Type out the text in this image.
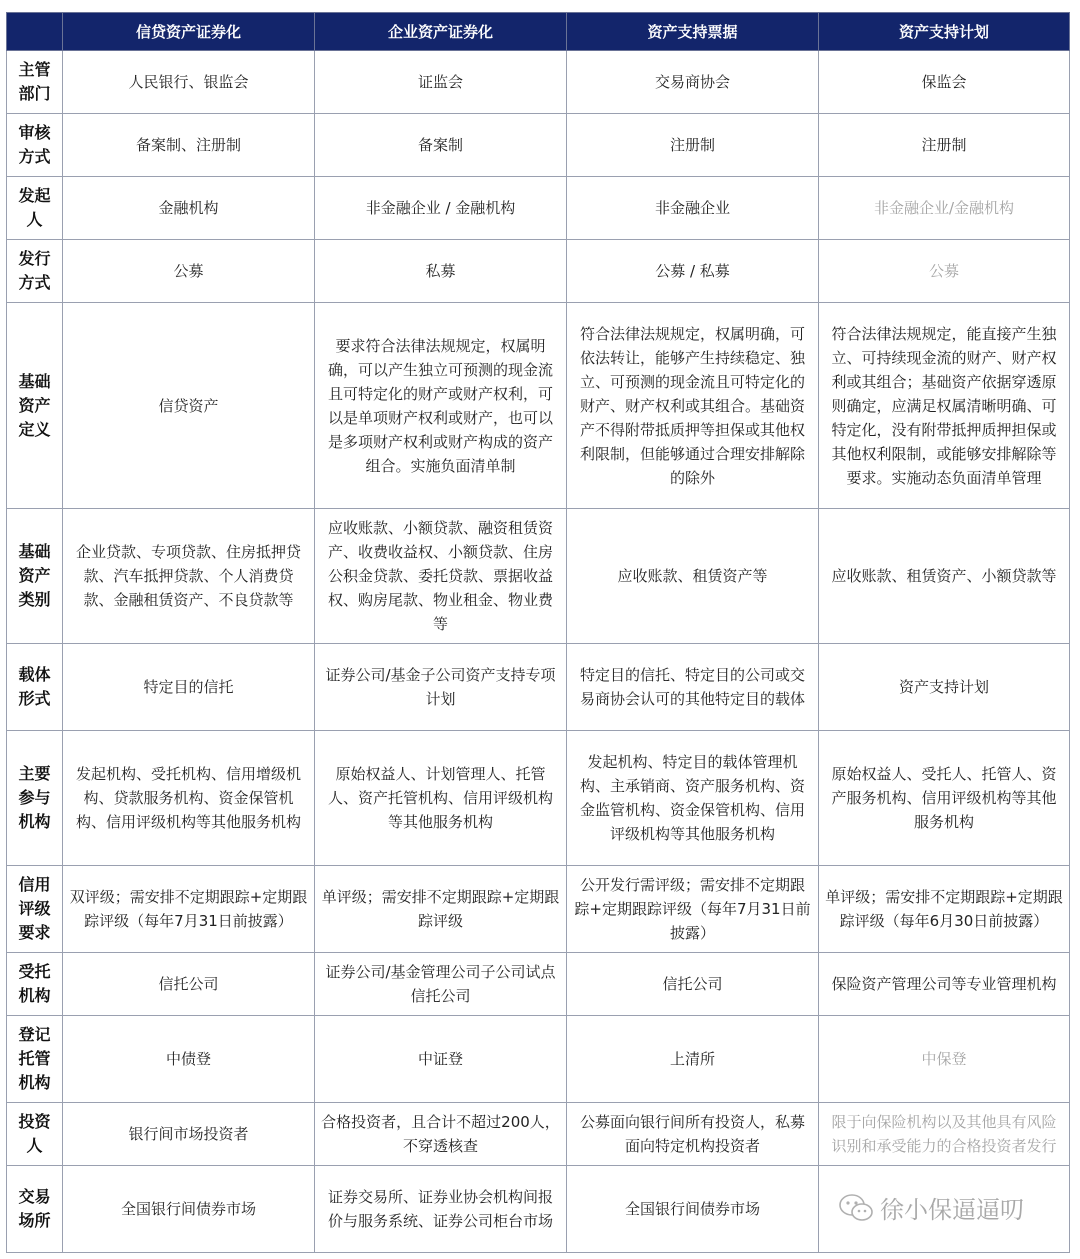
	信贷资产证券化	企业资产证券化	资产支持票据	资产支持计划

主管
部门	人民银行、银监会	证监会	交易商协会	保监会

审核
方式	备案制、注册制	备案制	注册制	注册制

发起
人	金融机构	非金融企业 / 金融机构	非金融企业	非金融企业/金融机构

发行
方式	公募	私募	公募 / 私募	公募

基础
资产
定义	信贷资产	要求符合法律法规规定，权属明确，可以产生独立可预测的现金流且可特定化的财产或财产权利，可以是单项财产权利或财产，也可以是多项财产权利或财产构成的资产组合。实施负面清单制	符合法律法规规定，权属明确，可依法转让，能够产生持续稳定、独立、可预测的现金流且可特定化的财产、财产权利或其组合。基础资产不得附带抵质押等担保或其他权利限制，但能够通过合理安排解除的除外	符合法律法规规定，能直接产生独立、可持续现金流的财产、财产权利或其组合；基础资产依据穿透原则确定，应满足权属清晰明确、可特定化，没有附带抵押质押担保或其他权利限制，或能够安排解除等要求。实施动态负面清单管理

基础
资产
类别	企业贷款、专项贷款、住房抵押贷款、汽车抵押贷款、个人消费贷款、金融租赁资产、不良贷款等	应收账款、小额贷款、融资租赁资产、收费收益权、小额贷款、住房公积金贷款、委托贷款、票据收益权、购房尾款、物业租金、物业费等	应收账款、租赁资产等	应收账款、租赁资产、小额贷款等

载体
形式	特定目的信托	证券公司/基金子公司资产支持专项计划	特定目的信托、特定目的公司或交易商协会认可的其他特定目的载体	资产支持计划

主要
参与
机构	发起机构、受托机构、信用增级机构、贷款服务机构、资金保管机构、信用评级机构等其他服务机构	原始权益人、计划管理人、托管人、资产托管机构、信用评级机构等其他服务机构	发起机构、特定目的载体管理机构、主承销商、资产服务机构、资金监管机构、资金保管机构、信用评级机构等其他服务机构	原始权益人、受托人、托管人、资产服务机构、信用评级机构等其他服务机构

信用
评级
要求	双评级；需安排不定期跟踪+定期跟踪评级（每年7月31日前披露）	单评级；需安排不定期跟踪+定期跟踪评级	公开发行需评级；需安排不定期跟踪+定期跟踪评级（每年7月31日前披露）	单评级；需安排不定期跟踪+定期跟踪评级（每年6月30日前披露）

受托
机构	信托公司	证券公司/基金管理公司子公司试点信托公司	信托公司	保险资产管理公司等专业管理机构

登记
托管
机构	中债登	中证登	上清所	中保登

投资
人	银行间市场投资者	合格投资者，且合计不超过200人，不穿透核查	公募面向银行间所有投资人，私募面向特定机构投资者	限于向保险机构以及其他具有风险识别和承受能力的合格投资者发行

交易
场所	全国银行间债券市场	证券交易所、证券业协会机构间报价与服务系统、证券公司柜台市场	全国银行间债券市场		徐小保逼逼叨
